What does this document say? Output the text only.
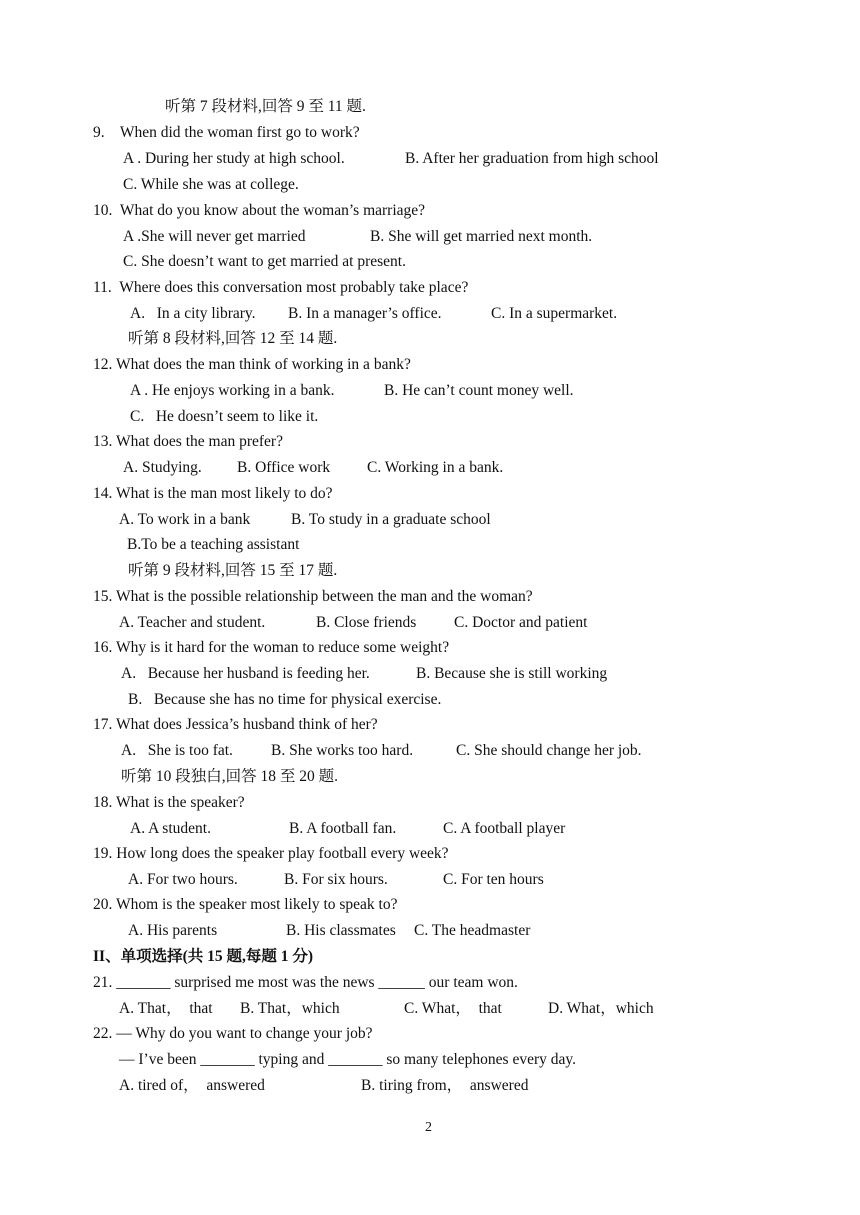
听第 7 段材料,回答 9 至 11 题.
9.    When did the woman first go to work?
A . During her study at high school.	B. After her graduation from high school
C. While she was at college.
10.  What do you know about the woman’s marriage?
A .She will never get married	B. She will get married next month.
C. She doesn’t want to get married at present.
11.  Where does this conversation most probably take place?
A.   In a city library. B. In a manager’s office.	C. In a supermarket.
听第 8 段材料,回答 12 至 14 题.
12. What does the man think of working in a bank?
A . He enjoys working in a bank.	B. He can’t count money well.
C.   He doesn’t seem to like it.
13. What does the man prefer?
A. Studying. B. Office work C. Working in a bank.
14. What is the man most likely to do?
A. To work in a bank	B. To study in a graduate school
B.To be a teaching assistant
听第 9 段材料,回答 15 至 17 题.
15. What is the possible relationship between the man and the woman?
A. Teacher and student.	B. Close friends C. Doctor and patient
16. Why is it hard for the woman to reduce some weight?
A.   Because her husband is feeding her.	B. Because she is still working
B.   Because she has no time for physical exercise.
17. What does Jessica’s husband think of her?
A.   She is too fat. B. She works too hard.	C. She should change her job.
听第 10 段独白,回答 18 至 20 题.
18. What is the speaker?
A. A student.	B. A football fan.	C. A football player
19. How long does the speaker play football every week?
A. For two hours.	B. For six hours.	C. For ten hours
20. Whom is the speaker most likely to speak to?
A. His parents	B. His classmates C. The headmaster
II、单项选择(共 15 题,每题 1 分)
21. _______ surprised me most was the news ______ our team won.
A. That，  that B. That，which	C. What，  that	D. What，which
22. — Why do you want to change your job?
— I’ve been _______ typing and _______ so many telephones every day.
A. tired of，  answered	B. tiring from，  answered
2
